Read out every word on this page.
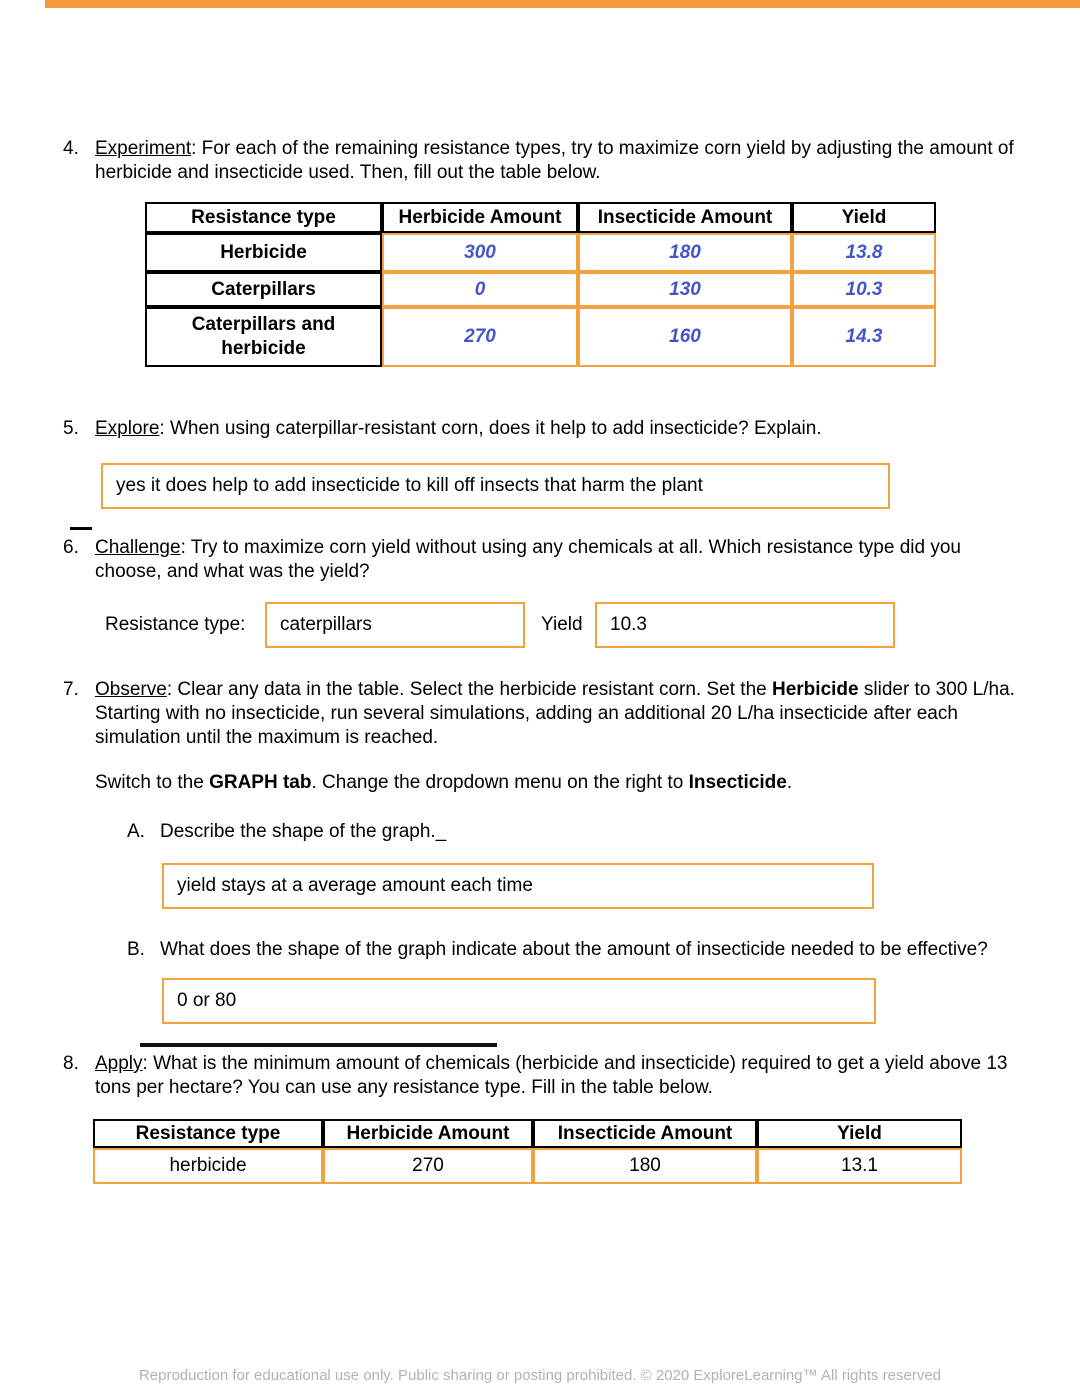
4. Experiment: For each of the remaining resistance types, try to maximize corn yield by adjusting the amount of herbicide and insecticide used. Then, fill out the table below.
Resistance type	Herbicide Amount	Insecticide Amount	Yield
Herbicide	300	180	13.8
Caterpillars	0	130	10.3
Caterpillars and herbicide	270	160	14.3
5. Explore: When using caterpillar-resistant corn, does it help to add insecticide? Explain.
yes it does help to add insecticide to kill off insects that harm the plant
6. Challenge: Try to maximize corn yield without using any chemicals at all. Which resistance type did you choose, and what was the yield?
Resistance type: caterpillars	Yield 10.3
7. Observe: Clear any data in the table. Select the herbicide resistant corn. Set the Herbicide slider to 300 L/ha. Starting with no insecticide, run several simulations, adding an additional 20 L/ha insecticide after each simulation until the maximum is reached.
Switch to the GRAPH tab. Change the dropdown menu on the right to Insecticide.
A. Describe the shape of the graph._
yield stays at a average amount each time
B. What does the shape of the graph indicate about the amount of insecticide needed to be effective?
0 or 80
8. Apply: What is the minimum amount of chemicals (herbicide and insecticide) required to get a yield above 13 tons per hectare? You can use any resistance type. Fill in the table below.
Resistance type	Herbicide Amount	Insecticide Amount	Yield
herbicide	270	180	13.1
Reproduction for educational use only. Public sharing or posting prohibited. © 2020 ExploreLearning™ All rights reserved
